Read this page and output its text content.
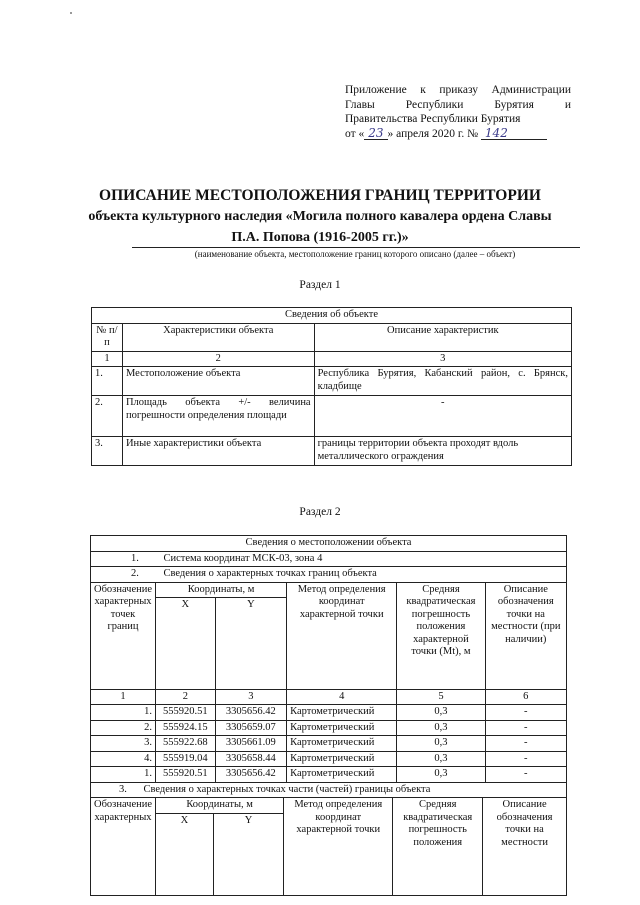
Приложение к приказу Администрации
Главы Республики Бурятия и
Правительства Республики Бурятия
от « 23 » апреля 2020 г. № 142
ОПИСАНИЕ МЕСТОПОЛОЖЕНИЯ ГРАНИЦ ТЕРРИТОРИИ
объекта культурного наследия «Могила полного кавалера ордена Славы
П.А. Попова (1916-2005 гг.)»
(наименование объекта, местоположение границ которого описано (далее – объект)
Раздел 1
Сведения об объекте		
№ п/п	Характеристики объекта	Описание характеристик
1	2	3
1.	Местоположение объекта	Республика Бурятия, Кабанский район, с. Брянск, кладбище
2.	Площадь объекта +/- величина погрешности определения площади	-
3.	Иные характеристики объекта	границы территории объекта проходят вдоль металлического ограждения
Раздел 2
Сведения о местоположении объекта					
1. Система координат МСК-03, зона 4					
2. Сведения о характерных точках границ объекта					
Обозначение характерных точек границ	Координаты, м		Метод определения координат характерной точки	Средняя квадратическая погрешность положения характерной точки (Mt), м	Описание обозначения точки на местности (при наличии)
	X	Y			
1	2	3	4	5	6
1.	555920.51	3305656.42	Картометрический	0,3	-
2.	555924.15	3305659.07	Картометрический	0,3	-
3.	555922.68	3305661.09	Картометрический	0,3	-
4.	555919.04	3305658.44	Картометрический	0,3	-
1.	555920.51	3305656.42	Картометрический	0,3	-
3. Сведения о характерных точках части (частей) границы объекта					
Обозначение характерных	Координаты, м		Метод определения координат характерной точки	Средняя квадратическая погрешность положения	Описание обозначения точки на местности
	X	Y			
